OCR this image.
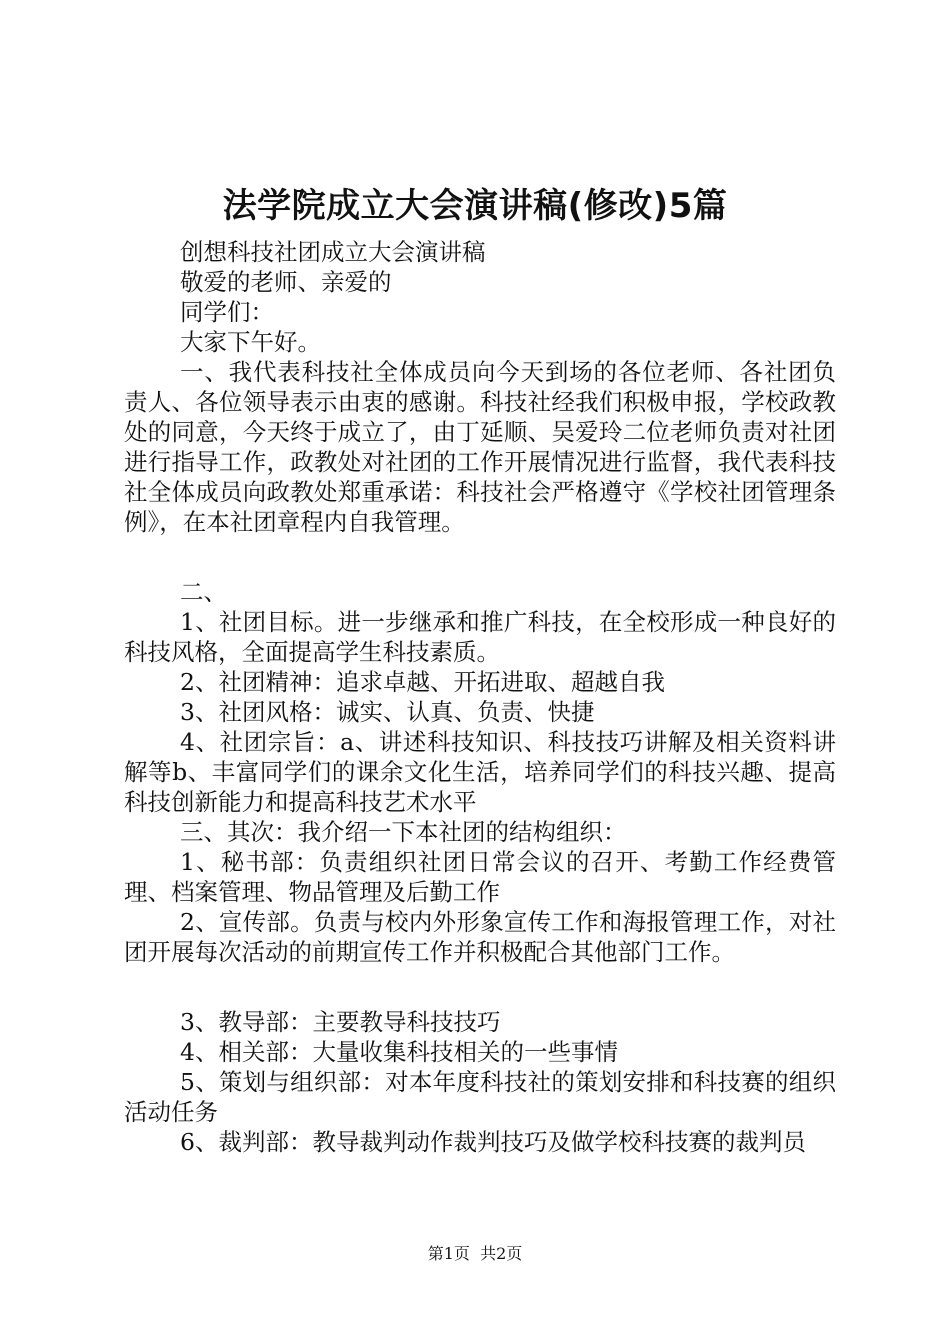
法学院成立大会演讲稿(修改)5篇

创想科技社团成立大会演讲稿

敬爱的老师、亲爱的

同学们：

大家下午好。

一、我代表科技社全体成员向今天到场的各位老师、各社团负责人、各位领导表示由衷的感谢。科技社经我们积极申报，学校政教处的同意，今天终于成立了，由丁延顺、吴爱玲二位老师负责对社团进行指导工作，政教处对社团的工作开展情况进行监督，我代表科技社全体成员向政教处郑重承诺：科技社会严格遵守《学校社团管理条例》，在本社团章程内自我管理。

二、

1、社团目标。进一步继承和推广科技，在全校形成一种良好的科技风格，全面提高学生科技素质。

2、社团精神：追求卓越、开拓进取、超越自我

3、社团风格：诚实、认真、负责、快捷

4、社团宗旨：a、讲述科技知识、科技技巧讲解及相关资料讲解等b、丰富同学们的课余文化生活，培养同学们的科技兴趣、提高科技创新能力和提高科技艺术水平

三、其次：我介绍一下本社团的结构组织：

1、秘书部：负责组织社团日常会议的召开、考勤工作经费管理、档案管理、物品管理及后勤工作

2、宣传部。负责与校内外形象宣传工作和海报管理工作，对社团开展每次活动的前期宣传工作并积极配合其他部门工作。

3、教导部：主要教导科技技巧

4、相关部：大量收集科技相关的一些事情

5、策划与组织部：对本年度科技社的策划安排和科技赛的组织活动任务

6、裁判部：教导裁判动作裁判技巧及做学校科技赛的裁判员

第1页  共2页
